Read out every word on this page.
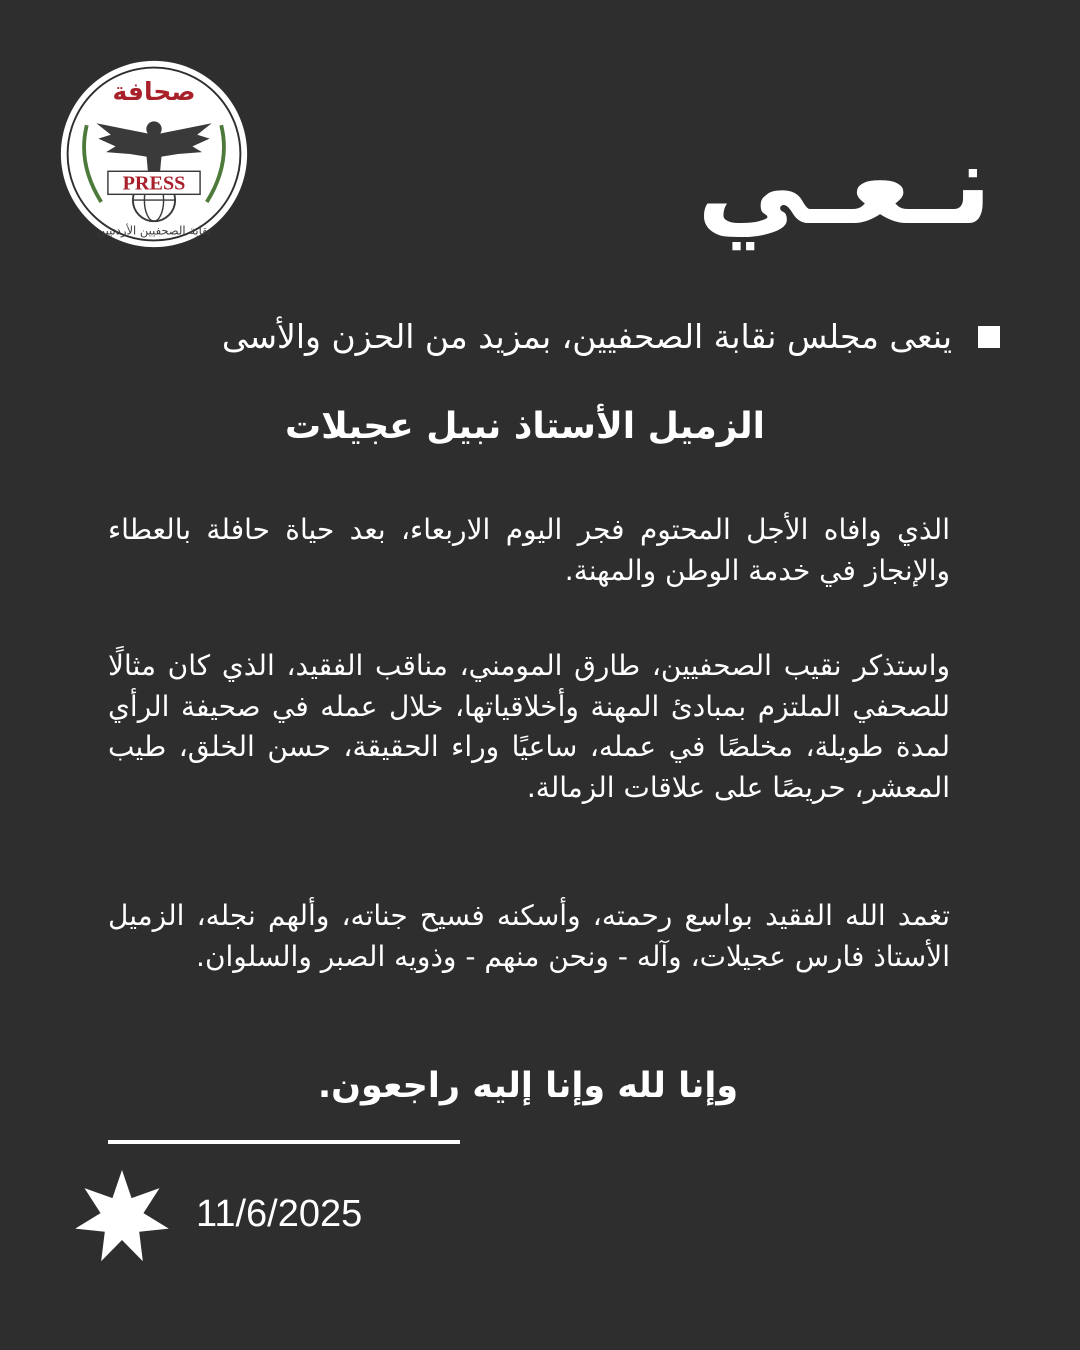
PRESS
صحافة
نقابة الصحفيين الأردنيين	نـعـي
ينعى مجلس نقابة الصحفيين، بمزيد من الحزن والأسى
الزميل الأستاذ نبيل عجيلات
الذي وافاه الأجل المحتوم فجر اليوم الاربعاء، بعد حياة حافلة بالعطاء والإنجاز في خدمة الوطن والمهنة.
واستذكر نقيب الصحفيين، طارق المومني، مناقب الفقيد، الذي كان مثالًا للصحفي الملتزم بمبادئ المهنة وأخلاقياتها، خلال عمله في صحيفة الرأي لمدة طويلة، مخلصًا في عمله، ساعيًا وراء الحقيقة، حسن الخلق، طيب المعشر، حريصًا على علاقات الزمالة.
تغمد الله الفقيد بواسع رحمته، وأسكنه فسيح جناته، وألهم نجله، الزميل الأستاذ فارس عجيلات، وآله - ونحن منهم - وذويه الصبر والسلوان.
وإنا لله وإنا إليه راجعون.
11/6/2025
